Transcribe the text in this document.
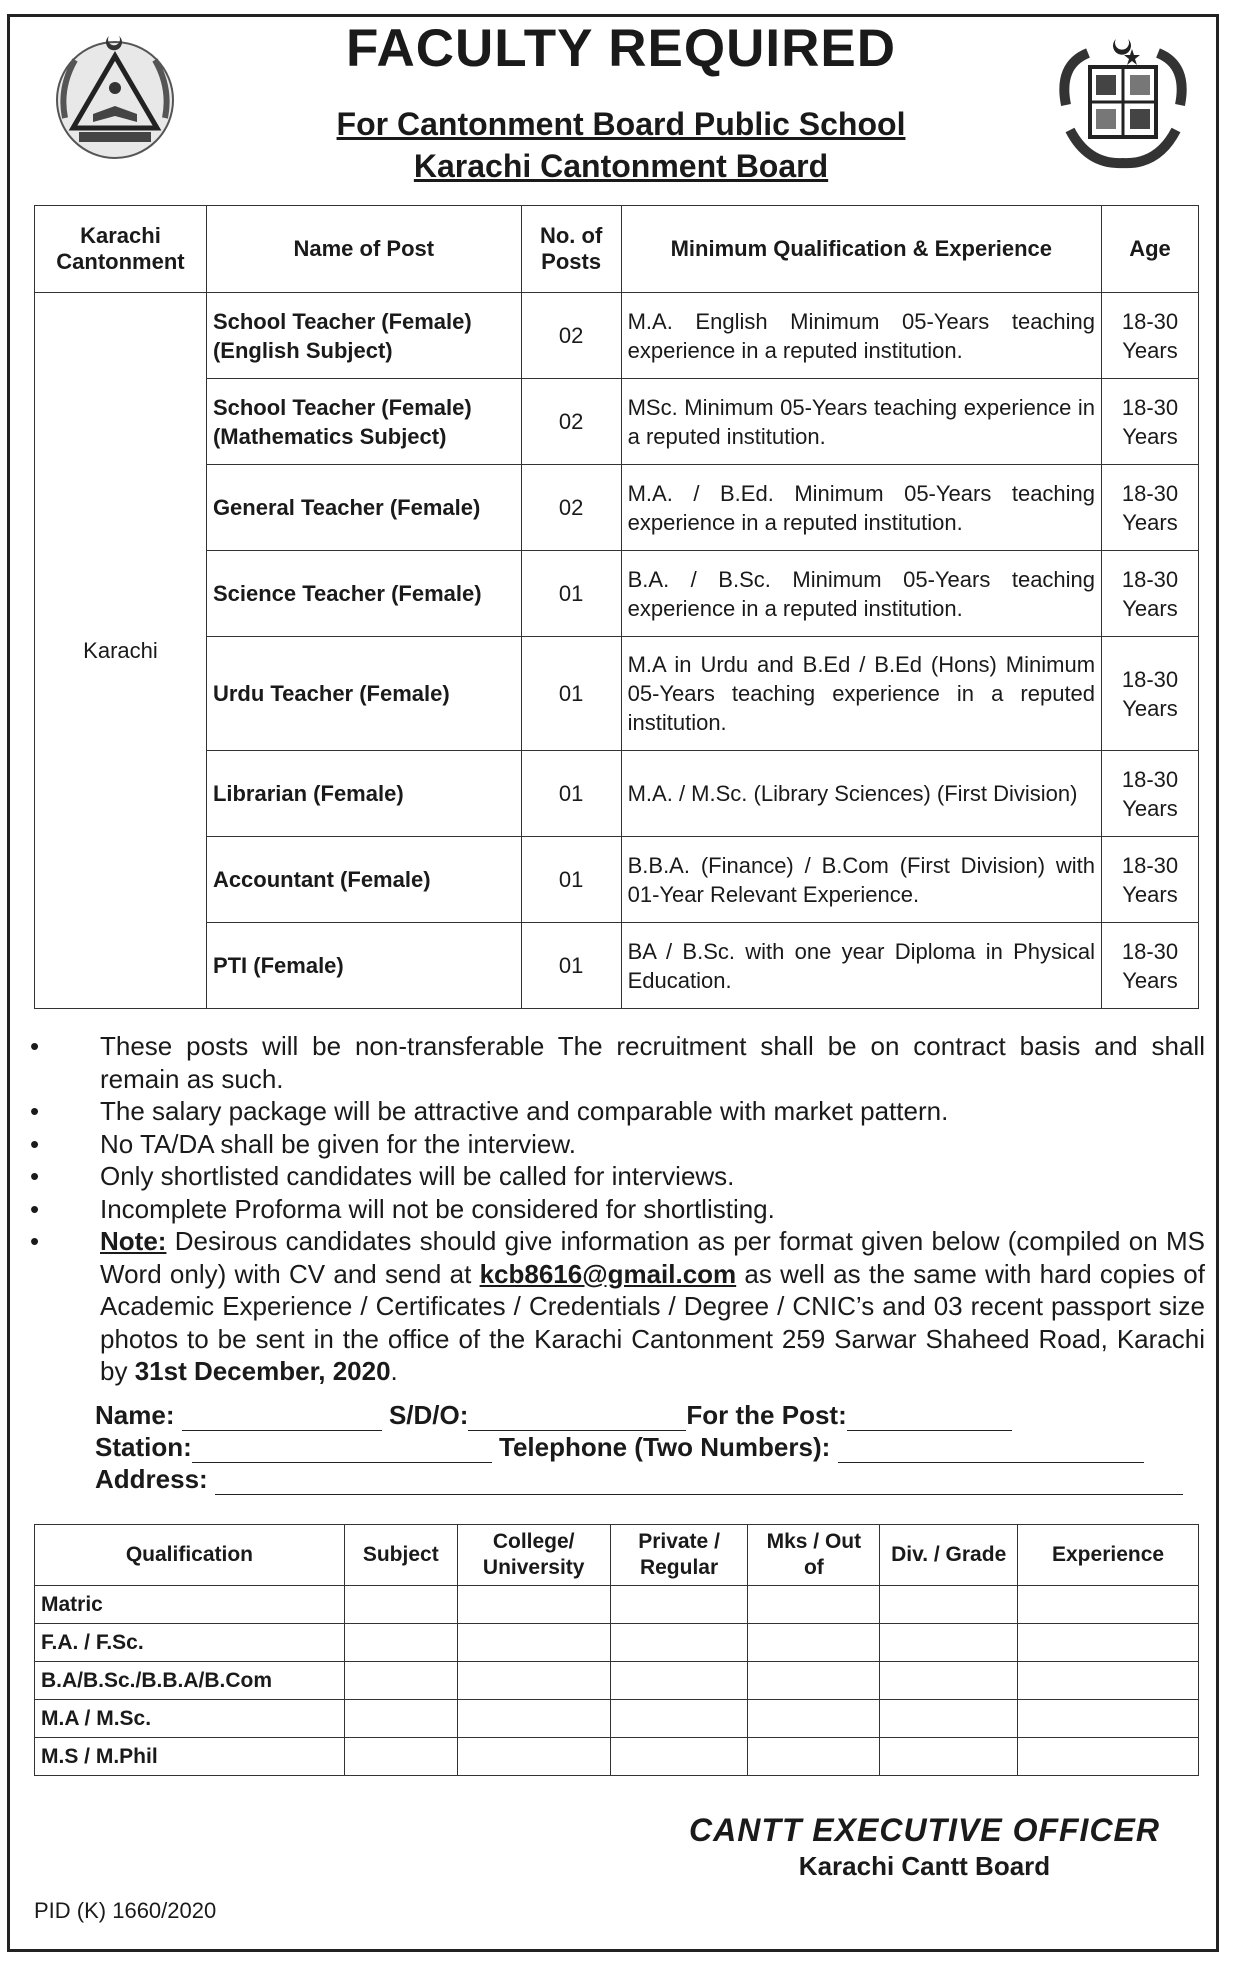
FACULTY REQUIRED
For Cantonment Board Public School
Karachi Cantonment Board
Karachi Cantonment	Name of Post	No. of Posts	Minimum Qualification & Experience	Age
Karachi	School Teacher (Female) (English Subject)	02	M.A. English Minimum 05-Years teaching experience in a reputed institution.	18-30 Years
	School Teacher (Female) (Mathematics Subject)	02	MSc. Minimum 05-Years teaching experience in a reputed institution.	18-30 Years
	General Teacher (Female)	02	M.A. / B.Ed. Minimum 05-Years teaching experience in a reputed institution.	18-30 Years
	Science Teacher (Female)	01	B.A. / B.Sc. Minimum 05-Years teaching experience in a reputed institution.	18-30 Years
	Urdu Teacher (Female)	01	M.A in Urdu and B.Ed / B.Ed (Hons) Minimum 05-Years teaching experience in a reputed institution.	18-30 Years
	Librarian (Female)	01	M.A. / M.Sc. (Library Sciences) (First Division)	18-30 Years
	Accountant (Female)	01	B.B.A. (Finance) / B.Com (First Division) with 01-Year Relevant Experience.	18-30 Years
	PTI (Female)	01	BA / B.Sc. with one year Diploma in Physical Education.	18-30 Years
• These posts will be non-transferable The recruitment shall be on contract basis and shall remain as such.
• The salary package will be attractive and comparable with market pattern.
• No TA/DA shall be given for the interview.
• Only shortlisted candidates will be called for interviews.
• Incomplete Proforma will not be considered for shortlisting.
• Note: Desirous candidates should give information as per format given below (compiled on MS Word only) with CV and send at kcb8616@gmail.com as well as the same with hard copies of Academic Experience / Certificates / Credentials / Degree / CNIC’s and 03 recent passport size photos to be sent in the office of the Karachi Cantonment 259 Sarwar Shaheed Road, Karachi by 31st December, 2020.
Name:	S/D/O:	For the Post:
Station:	Telephone (Two Numbers):
Address:
Qualification	Subject	College/ University	Private / Regular	Mks / Out of	Div. / Grade	Experience
Matric						
F.A. / F.Sc.						
B.A/B.Sc./B.B.A/B.Com						
M.A / M.Sc.						
M.S / M.Phil						
CANTT EXECUTIVE OFFICER
Karachi Cantt Board
PID (K) 1660/2020
